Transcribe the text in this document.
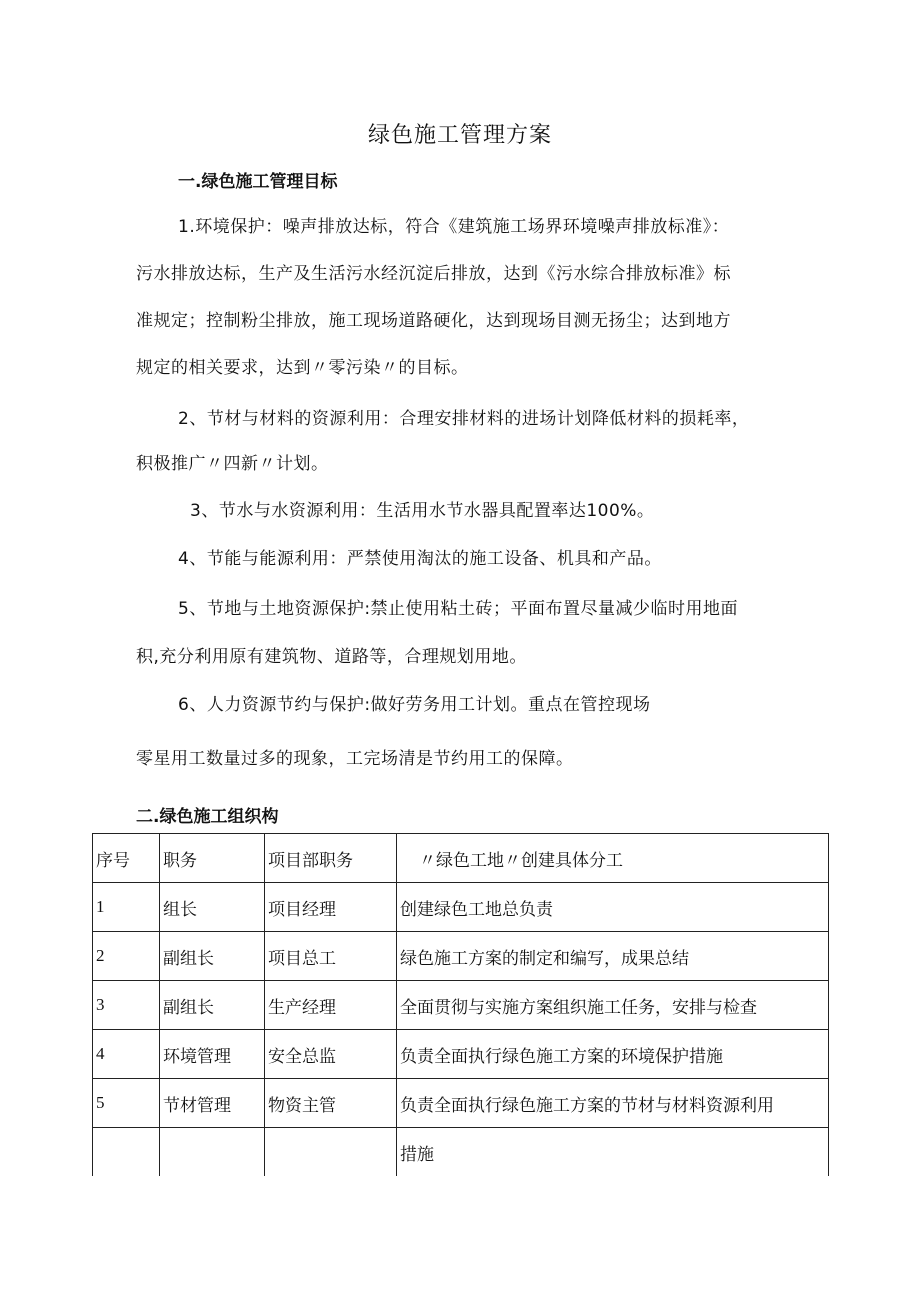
绿色施工管理方案
一.绿色施工管理目标
1.环境保护：噪声排放达标，符合《建筑施工场界环境噪声排放标准》：
污水排放达标，生产及生活污水经沉淀后排放，达到《污水综合排放标准》标
准规定；控制粉尘排放，施工现场道路硬化，达到现场目测无扬尘；达到地方
规定的相关要求，达到〃零污染〃的目标。
2、节材与材料的资源利用：合理安排材料的进场计划降低材料的损耗率，
积极推广〃四新〃计划。
3、节水与水资源利用：生活用水节水器具配置率达100%。
4、节能与能源利用：严禁使用淘汰的施工设备、机具和产品。
5、节地与土地资源保护:禁止使用粘土砖；平面布置尽量减少临时用地面
积,充分利用原有建筑物、道路等，合理规划用地。
6、人力资源节约与保护:做好劳务用工计划。重点在管控现场
零星用工数量过多的现象，工完场清是节约用工的保障。
二.绿色施工组织构
序号	职务	项目部职务	〃绿色工地〃创建具体分工
1	组长	项目经理	创建绿色工地总负责
2	副组长	项目总工	绿色施工方案的制定和编写，成果总结
3	副组长	生产经理	全面贯彻与实施方案组织施工任务，安排与检查
4	环境管理	安全总监	负责全面执行绿色施工方案的环境保护措施
5	节材管理	物资主管	负责全面执行绿色施工方案的节材与材料资源利用
			措施
